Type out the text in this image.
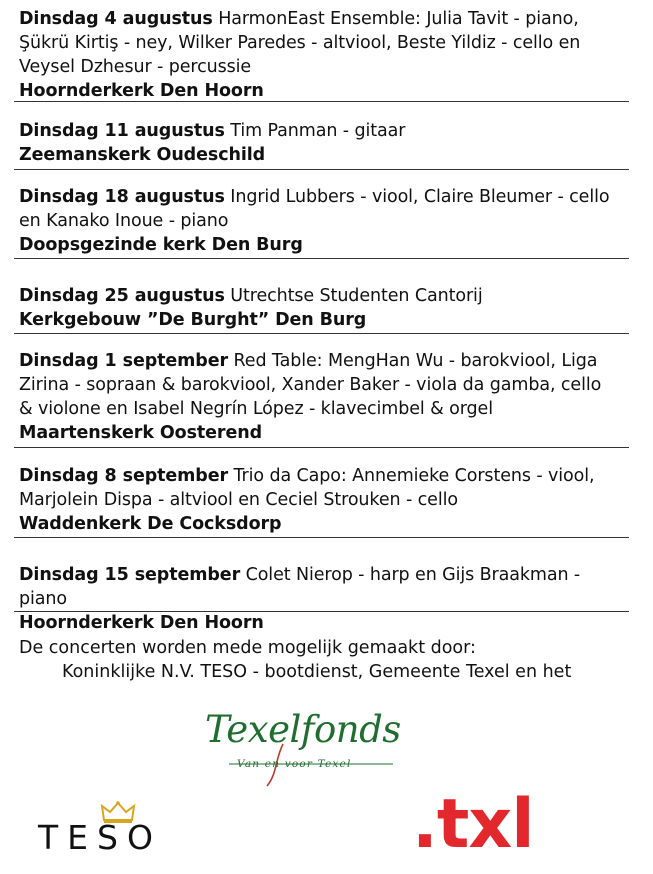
Dinsdag 4 augustus HarmonEast Ensemble: Julia Tavit - piano, Şükrü Kirtiş - ney, Wilker Paredes - altviool, Beste Yildiz - cello en Veysel Dzhesur - percussie
Hoornderkerk Den Hoorn
Dinsdag 11 augustus Tim Panman - gitaar
Zeemanskerk Oudeschild
Dinsdag 18 augustus Ingrid Lubbers - viool, Claire Bleumer - cello en Kanako Inoue - piano
Doopsgezinde kerk Den Burg
Dinsdag 25 augustus Utrechtse Studenten Cantorij
Kerkgebouw ”De Burght” Den Burg
Dinsdag 1 september Red Table: MengHan Wu - barokviool, Liga Zirina - sopraan & barokviool, Xander Baker - viola da gamba, cello & violone en Isabel Negrín López - klavecimbel & orgel
Maartenskerk Oosterend
Dinsdag 8 september Trio da Capo: Annemieke Corstens - viool, Marjolein Dispa - altviool en Ceciel Strouken - cello
Waddenkerk De Cocksdorp
Dinsdag 15 september Colet Nierop - harp en Gijs Braakman - piano
Hoornderkerk Den Hoorn
De concerten worden mede mogelijk gemaakt door:
Koninklijke N.V. TESO - bootdienst, Gemeente Texel en het
Texelfonds
Van en voor Texel
TESO	.txl
